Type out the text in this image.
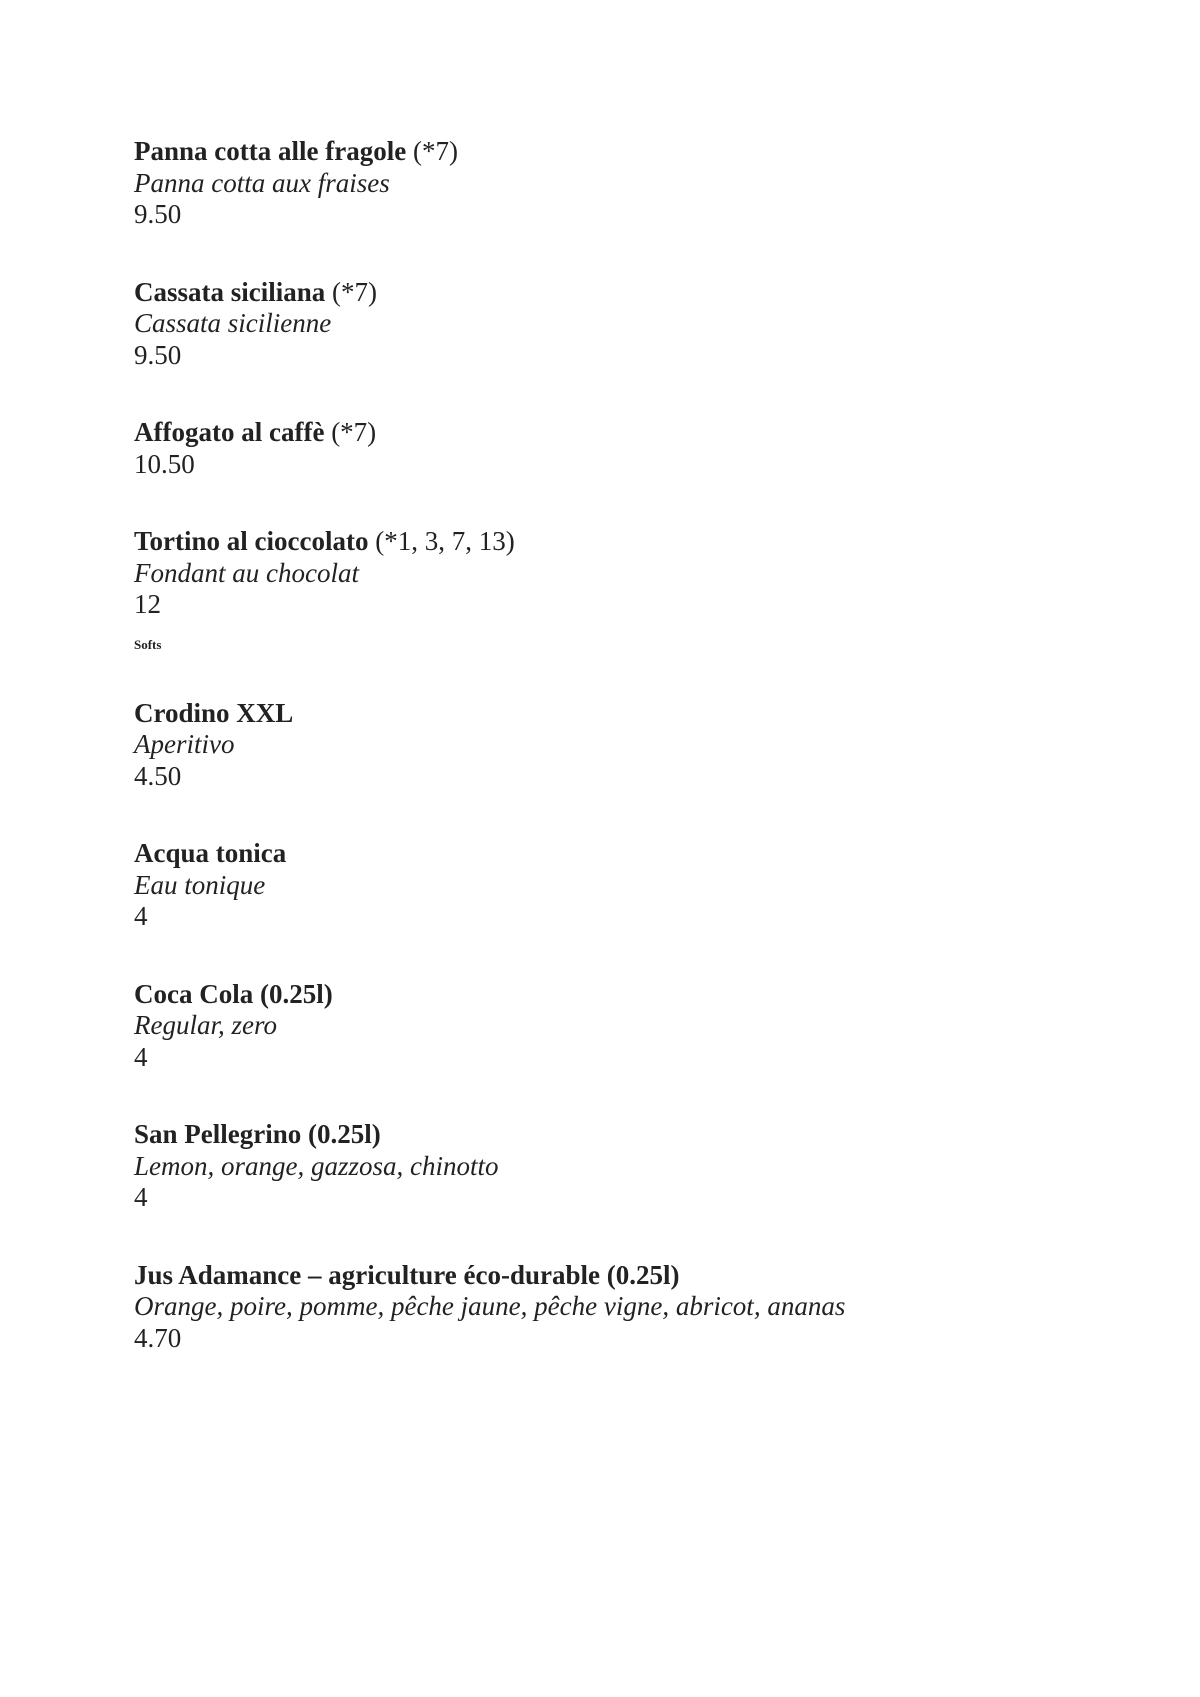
Panna cotta alle fragole (*7)
Panna cotta aux fraises
9.50
Cassata siciliana (*7)
Cassata sicilienne
9.50
Affogato al caffè (*7)
10.50
Tortino al cioccolato (*1, 3, 7, 13)
Fondant au chocolat
12
Softs
Crodino XXL
Aperitivo
4.50
Acqua tonica
Eau tonique
4
Coca Cola (0.25l)
Regular, zero
4
San Pellegrino (0.25l)
Lemon, orange, gazzosa, chinotto
4
Jus Adamance – agriculture éco-durable (0.25l)
Orange, poire, pomme, pêche jaune, pêche vigne, abricot, ananas
4.70
